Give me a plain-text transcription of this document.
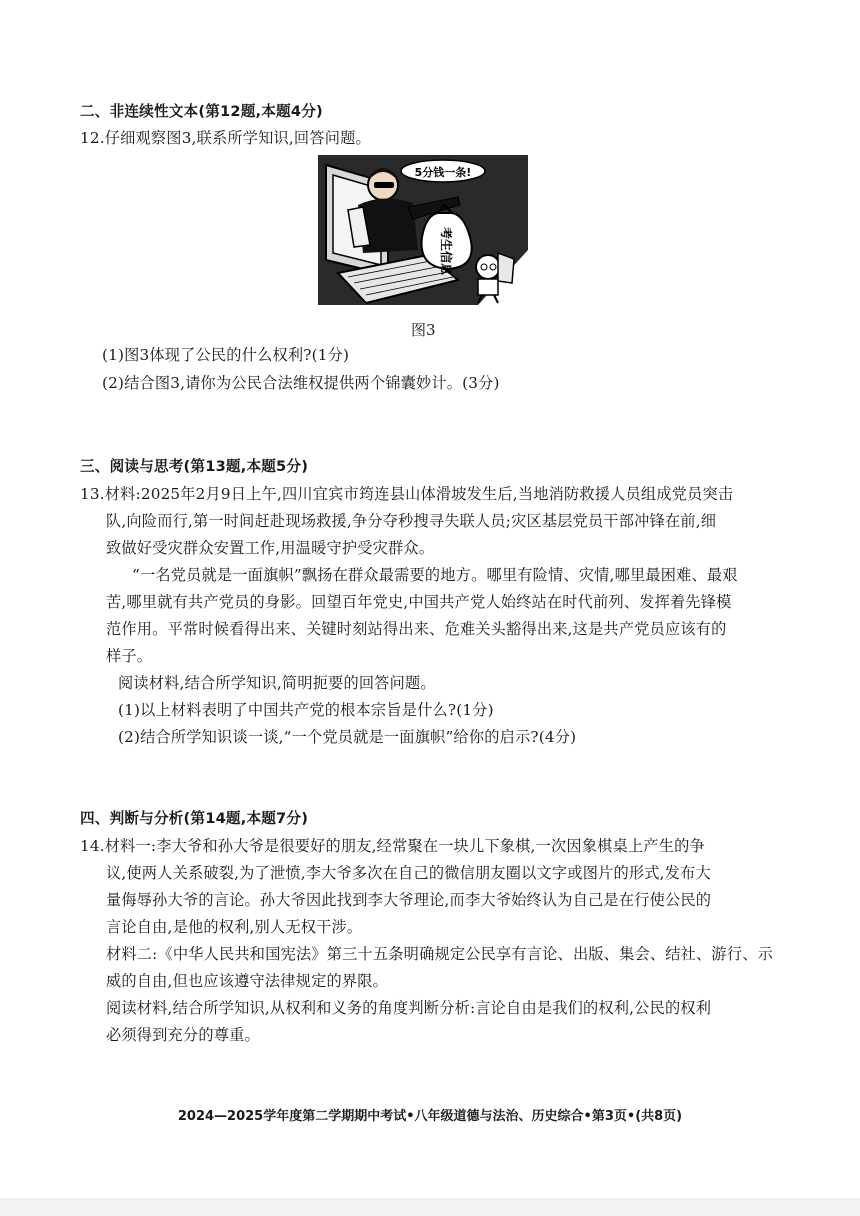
二、非连续性文本(第12题,本题4分)
12.仔细观察图3,联系所学知识,回答问题。
5分钱一条!
考生信息
图3
(1)图3体现了公民的什么权利?(1分)
(2)结合图3,请你为公民合法维权提供两个锦囊妙计。(3分)
三、阅读与思考(第13题,本题5分)
13.材料:2025年2月9日上午,四川宜宾市筠连县山体滑坡发生后,当地消防救援人员组成党员突击
队,向险而行,第一时间赶赴现场救援,争分夺秒搜寻失联人员;灾区基层党员干部冲锋在前,细
致做好受灾群众安置工作,用温暖守护受灾群众。
“一名党员就是一面旗帜”飘扬在群众最需要的地方。哪里有险情、灾情,哪里最困难、最艰
苦,哪里就有共产党员的身影。回望百年党史,中国共产党人始终站在时代前列、发挥着先锋模
范作用。平常时候看得出来、关键时刻站得出来、危难关头豁得出来,这是共产党员应该有的
样子。
阅读材料,结合所学知识,简明扼要的回答问题。
(1)以上材料表明了中国共产党的根本宗旨是什么?(1分)
(2)结合所学知识谈一谈,“一个党员就是一面旗帜”给你的启示?(4分)
四、判断与分析(第14题,本题7分)
14.材料一:李大爷和孙大爷是很要好的朋友,经常聚在一块儿下象棋,一次因象棋桌上产生的争
议,使两人关系破裂,为了泄愤,李大爷多次在自己的微信朋友圈以文字或图片的形式,发布大
量侮辱孙大爷的言论。孙大爷因此找到李大爷理论,而李大爷始终认为自己是在行使公民的
言论自由,是他的权利,别人无权干涉。
材料二:《中华人民共和国宪法》第三十五条明确规定公民享有言论、出版、集会、结社、游行、示
威的自由,但也应该遵守法律规定的界限。
阅读材料,结合所学知识,从权利和义务的角度判断分析:言论自由是我们的权利,公民的权利
必须得到充分的尊重。
2024—2025学年度第二学期期中考试•八年级道德与法治、历史综合•第3页•(共8页)
